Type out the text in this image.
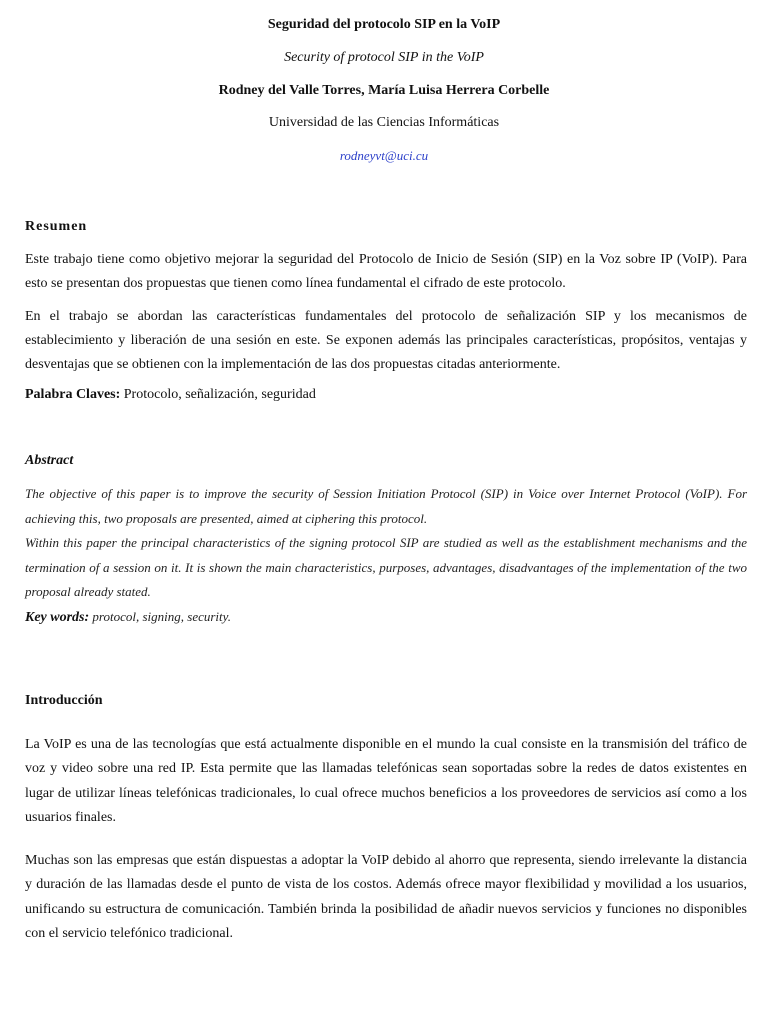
Seguridad del protocolo SIP en la VoIP
Security of protocol SIP in the VoIP
Rodney del Valle Torres, María Luisa Herrera Corbelle
Universidad de las Ciencias Informáticas
rodneyvt@uci.cu
Resumen
Este trabajo tiene como objetivo mejorar la seguridad del Protocolo de Inicio de Sesión (SIP) en la Voz sobre IP (VoIP). Para esto se presentan dos propuestas que tienen como línea fundamental el cifrado de este protocolo.
En el trabajo se abordan las características fundamentales del protocolo de señalización SIP y los mecanismos de establecimiento y liberación de una sesión en este. Se exponen además las principales características, propósitos, ventajas y desventajas que se obtienen con la implementación de las dos propuestas citadas anteriormente.
Palabra Claves: Protocolo, señalización, seguridad
Abstract

The objective of this paper is to improve the security of Session Initiation Protocol (SIP) in Voice over Internet Protocol (VoIP). For achieving this, two proposals are presented, aimed at ciphering this protocol.

Within this paper the principal characteristics of the signing protocol SIP are studied as well as the establishment mechanisms and the termination of a session on it. It is shown the main characteristics, purposes, advantages, disadvantages of the implementation of the two proposal already stated.

Key words: protocol, signing, security.

Introducción
La VoIP es una de las tecnologías que está actualmente disponible en el mundo la cual consiste en la transmisión del tráfico de voz y video sobre una red IP. Esta permite que las llamadas telefónicas sean soportadas sobre la redes de datos existentes en lugar de utilizar líneas telefónicas tradicionales, lo cual ofrece muchos beneficios a los proveedores de servicios así como a los usuarios finales.
Muchas son las empresas que están dispuestas a adoptar la VoIP debido al ahorro que representa, siendo irrelevante la distancia y duración de las llamadas desde el punto de vista de los costos. Además ofrece mayor flexibilidad y movilidad a los usuarios, unificando su estructura de comunicación. También brinda la posibilidad de añadir nuevos servicios y funciones no disponibles con el servicio telefónico tradicional.
